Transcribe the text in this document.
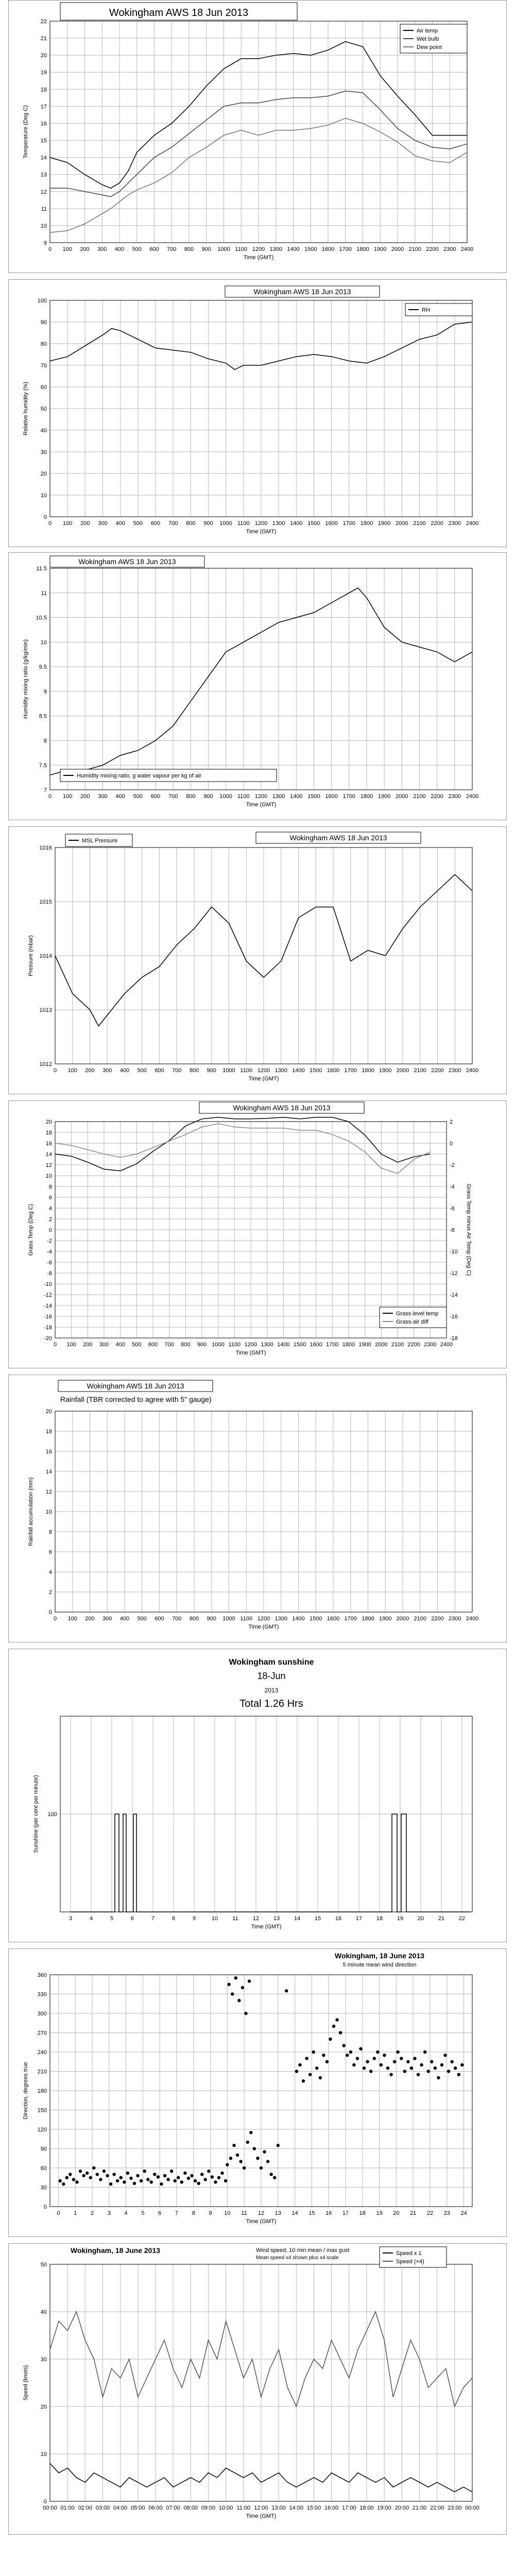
9
10
11
12
13
14
15
16
17
18
19
20
21
22
0 100 200 300 400 500 600 700 800 900 1000 1100 1200 1300 1400 1500 1600 1700 1800 1900 2000 2100 2200 2300 2400
Time (GMT)
Temperature (Deg C)
Air temp
Wet bulb
Dew point
Wokingham AWS 18 Jun 2013
0
10
20
30
40
50
60
70
80
90
100
0 100 200 300 400 500 600 700 800 900 1000 1100 1200 1300 1400 1500 1600 1700 1800 1900 2000 2100 2200 2300 2400
Time (GMT)
Relative humidity (%)
RH
Wokingham AWS 18 Jun 2013
7
7.5
8
8.5
9
9.5
10
10.5
11
11.5
0 100 200 300 400 500 600 700 800 900 1000 1100 1200 1300 1400 1500 1600 1700 1800 1900 2000 2100 2200 2300 2400
Time (GMT)
Humidity mixing ratio (g/kg/min)
Humidity mixing ratio, g water vapour per kg of air
Wokingham AWS 18 Jun 2013
1012
1013
1014
1015
1016
0 100 200 300 400 500 600 700 800 900 1000 1100 1200 1300 1400 1500 1600 1700 1800 1900 2000 2100 2200 2300 2400
Time (GMT)
Pressure (mbar)
MSL Pressure	Wokingham AWS 18 Jun 2013
-20
-18
-16
-14
-12
-10
-8
-6
-4
-2
0
2
4
6
8
10
12
14
16
18
20
0 100 200 300 400 500 600 700 800 900 1000 1100 1200 1300 1400 1500 1600 1700 1800 1900 2000 2100 2200 2300 2400
-18
-16
-14
-12
-10
-8
-6
-4
-2
0
2
Time (GMT)
Grass Temp (Deg C)	Grass Temp minus Air Temp (Deg C)
Grass level temp
Grass-air diff
Wokingham AWS 18 Jun 2013
0
2
4
6
8
10
12
14
16
18
20
0 100 200 300 400 500 600 700 800 900 1000 1100 1200 1300 1400 1500 1600 1700 1800 1900 2000 2100 2200 2300 2400
Time (GMT)
Rainfall accumulation (mm)
Wokingham AWS 18 Jun 2013
Rainfall (TBR corrected to agree with 5" gauge)
100
3	4	5	6	7	8	9	10	11	12	13	14	15	16	17	18	19	20	21	22
Time (GMT)
Sunshine (per cent per minute)
Wokingham sunshine
18-Jun
2013
Total 1.26 Hrs
0
30
60
90
120
150
180
210
240
270
300
330
360
0 1 2 3 4 5 6 7 8 9 10 11 12 13 14 15 16 17 18 19 20 21 22 23 24
Time (GMT)
Direction, degrees true
Wokingham, 18 June 2013
5 minute mean wind direction
0
10
20
30
40
50
00:00 01:00 02:00 03:00 04:00 05:00 06:00 07:00 08:00 09:00 10:00 11:00 12:00 13:00 14:00 15:00 16:00 17:00 18:00 19:00 20:00 21:00 22:00 23:00 00:00
Time (GMT)
Speed (knots)
Speed x 1
Speed (×4)
Wokingham, 18 June 2013	Wind speed, 10 min mean / max gust
Mean speed x4 shown plus x4 scale
